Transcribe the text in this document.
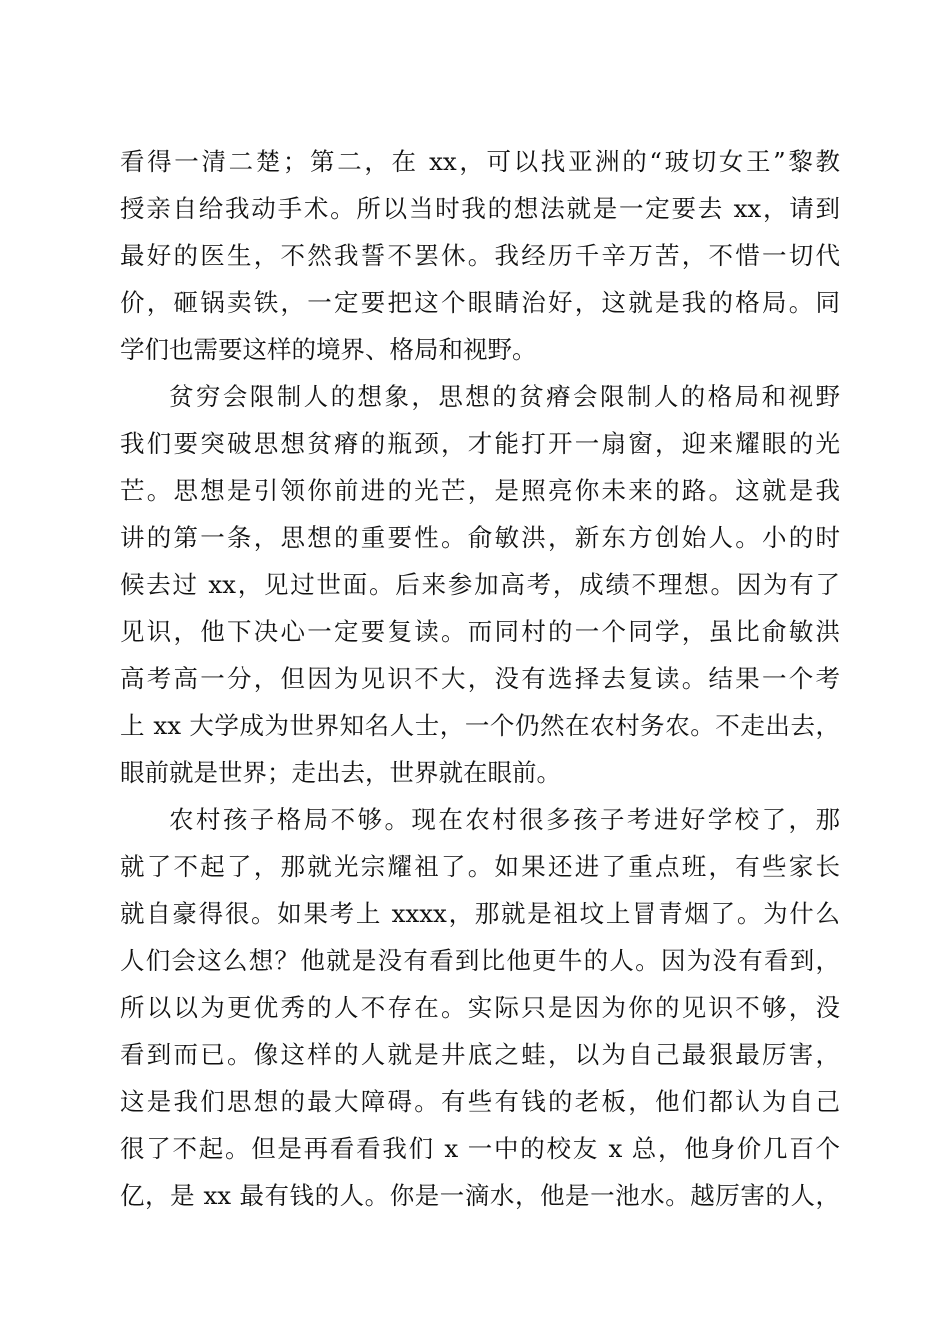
看得一清二楚；第二，在 xx，可以找亚洲的“玻切女王”黎教
授亲自给我动手术。所以当时我的想法就是一定要去 xx，请到
最好的医生，不然我誓不罢休。我经历千辛万苦，不惜一切代
价，砸锅卖铁，一定要把这个眼睛治好，这就是我的格局。同
学们也需要这样的境界、格局和视野。
贫穷会限制人的想象，思想的贫瘠会限制人的格局和视野
我们要突破思想贫瘠的瓶颈，才能打开一扇窗，迎来耀眼的光
芒。思想是引领你前进的光芒，是照亮你未来的路。这就是我
讲的第一条，思想的重要性。俞敏洪，新东方创始人。小的时
候去过 xx，见过世面。后来参加高考，成绩不理想。因为有了
见识，他下决心一定要复读。而同村的一个同学，虽比俞敏洪
高考高一分，但因为见识不大，没有选择去复读。结果一个考
上 xx 大学成为世界知名人士，一个仍然在农村务农。不走出去，
眼前就是世界；走出去，世界就在眼前。
农村孩子格局不够。现在农村很多孩子考进好学校了，那
就了不起了，那就光宗耀祖了。如果还进了重点班，有些家长
就自豪得很。如果考上 xxxx，那就是祖坟上冒青烟了。为什么
人们会这么想？他就是没有看到比他更牛的人。因为没有看到，
所以以为更优秀的人不存在。实际只是因为你的见识不够，没
看到而已。像这样的人就是井底之蛙，以为自己最狠最厉害，
这是我们思想的最大障碍。有些有钱的老板，他们都认为自己
很了不起。但是再看看我们 x 一中的校友 x 总，他身价几百个
亿，是 xx 最有钱的人。你是一滴水，他是一池水。越厉害的人，
